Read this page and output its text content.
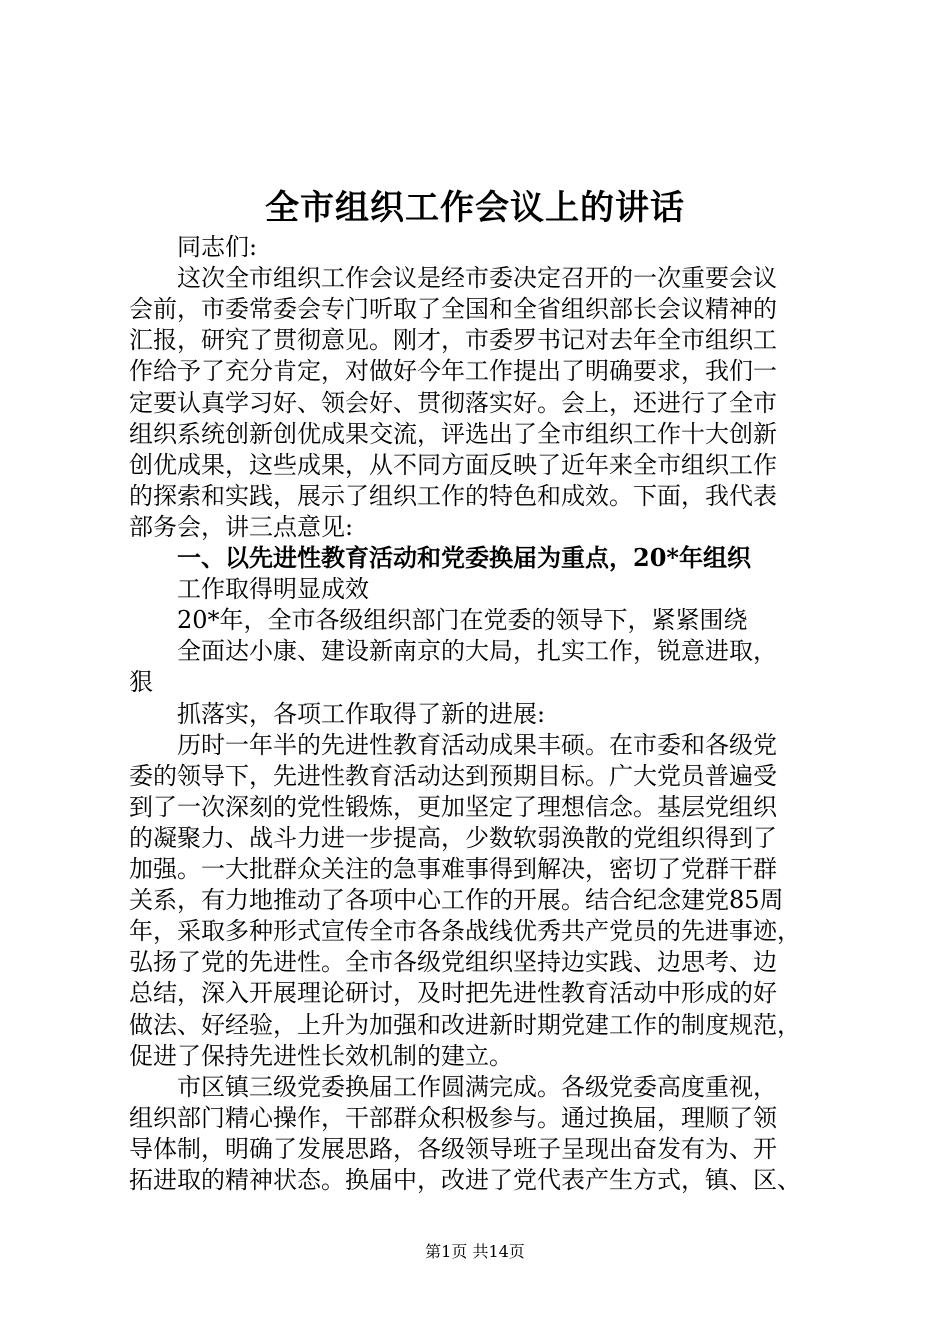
全市组织工作会议上的讲话
同志们:
这次全市组织工作会议是经市委决定召开的一次重要会议
会前，市委常委会专门听取了全国和全省组织部长会议精神的
汇报，研究了贯彻意见。刚才，市委罗书记对去年全市组织工
作给予了充分肯定，对做好今年工作提出了明确要求，我们一
定要认真学习好、领会好、贯彻落实好。会上，还进行了全市
组织系统创新创优成果交流，评选出了全市组织工作十大创新
创优成果，这些成果，从不同方面反映了近年来全市组织工作
的探索和实践，展示了组织工作的特色和成效。下面，我代表
部务会，讲三点意见:
一、以先进性教育活动和党委换届为重点，20*年组织
工作取得明显成效
20*年，全市各级组织部门在党委的领导下，紧紧围绕
全面达小康、建设新南京的大局，扎实工作，锐意进取，
狠
抓落实，各项工作取得了新的进展:
历时一年半的先进性教育活动成果丰硕。在市委和各级党
委的领导下，先进性教育活动达到预期目标。广大党员普遍受
到了一次深刻的党性锻炼，更加坚定了理想信念。基层党组织
的凝聚力、战斗力进一步提高，少数软弱涣散的党组织得到了
加强。一大批群众关注的急事难事得到解决，密切了党群干群
关系，有力地推动了各项中心工作的开展。结合纪念建党85周
年，采取多种形式宣传全市各条战线优秀共产党员的先进事迹，
弘扬了党的先进性。全市各级党组织坚持边实践、边思考、边
总结，深入开展理论研讨，及时把先进性教育活动中形成的好
做法、好经验，上升为加强和改进新时期党建工作的制度规范，
促进了保持先进性长效机制的建立。
市区镇三级党委换届工作圆满完成。各级党委高度重视，
组织部门精心操作，干部群众积极参与。通过换届，理顺了领
导体制，明确了发展思路，各级领导班子呈现出奋发有为、开
拓进取的精神状态。换届中，改进了党代表产生方式，镇、区、
第1页 共14页
